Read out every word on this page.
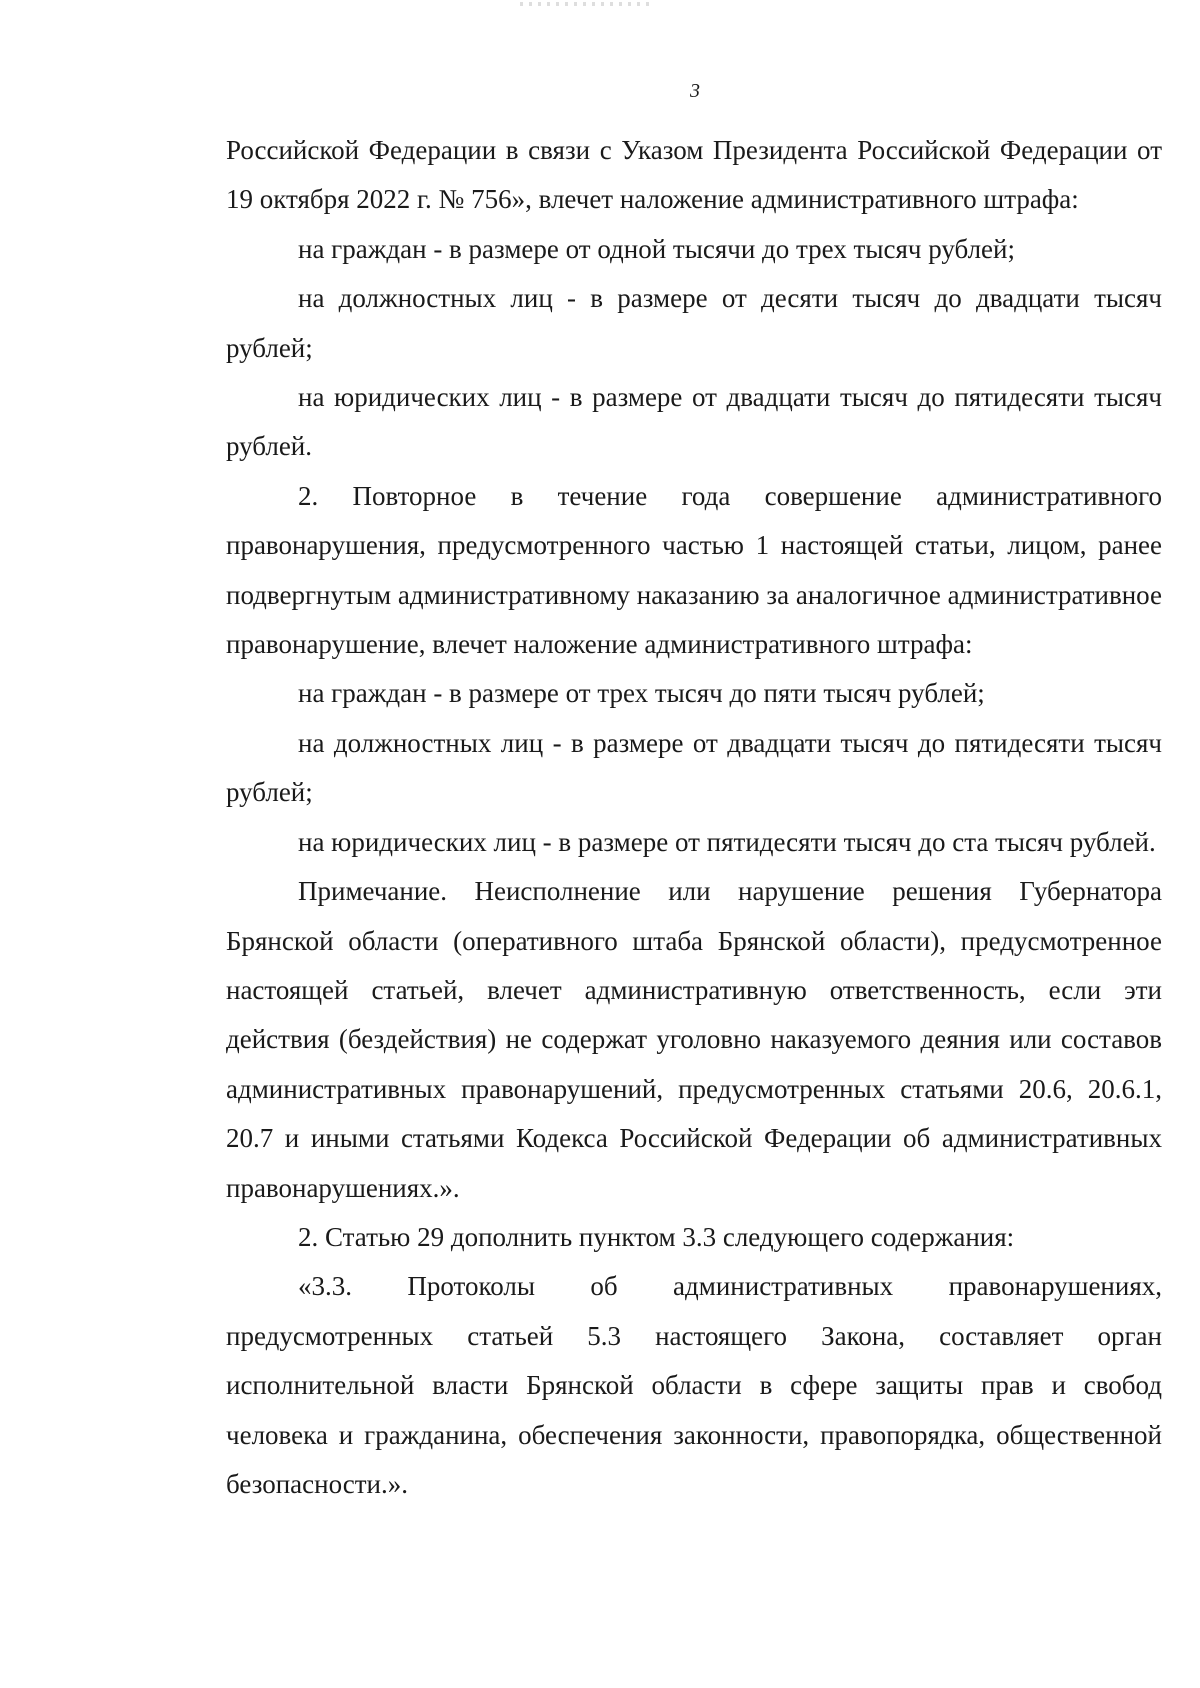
3

Российской Федерации в связи с Указом Президента Российской Федерации от 19 октября 2022 г. № 756», влечет наложение административного штрафа:

на граждан - в размере от одной тысячи до трех тысяч рублей;

на должностных лиц - в размере от десяти тысяч до двадцати тысяч рублей;

на юридических лиц - в размере от двадцати тысяч до пятидесяти тысяч рублей.

2. Повторное в течение года совершение административного правонарушения, предусмотренного частью 1 настоящей статьи, лицом, ранее подвергнутым административному наказанию за аналогичное административное правонарушение, влечет наложение административного штрафа:

на граждан - в размере от трех тысяч до пяти тысяч рублей;

на должностных лиц - в размере от двадцати тысяч до пятидесяти тысяч рублей;

на юридических лиц - в размере от пятидесяти тысяч до ста тысяч рублей.

Примечание. Неисполнение или нарушение решения Губернатора Брянской области (оперативного штаба Брянской области), предусмотренное настоящей статьей, влечет административную ответственность, если эти действия (бездействия) не содержат уголовно наказуемого деяния или составов административных правонарушений, предусмотренных статьями 20.6, 20.6.1, 20.7 и иными статьями Кодекса Российской Федерации об административных правонарушениях.».

2. Статью 29 дополнить пунктом 3.3 следующего содержания:

«3.3. Протоколы об административных правонарушениях, предусмотренных статьей 5.3 настоящего Закона, составляет орган исполнительной власти Брянской области в сфере защиты прав и свобод человека и гражданина, обеспечения законности, правопорядка, общественной безопасности.».
